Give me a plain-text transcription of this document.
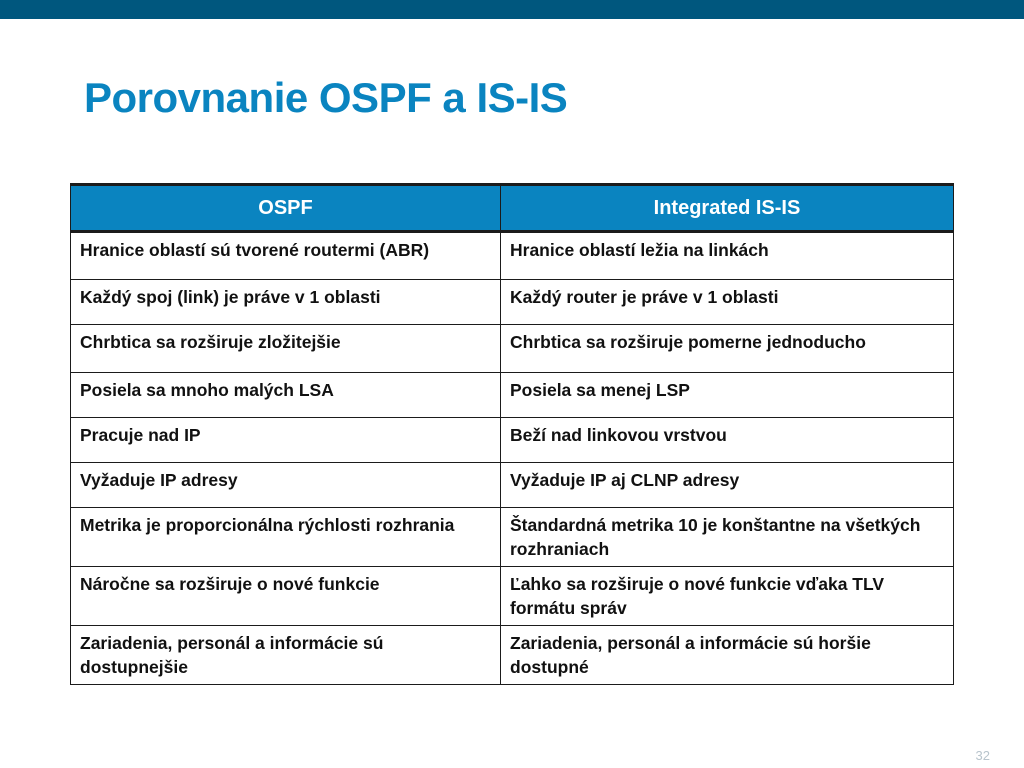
Porovnanie OSPF a IS-IS
OSPF	Integrated IS-IS
Hranice oblastí sú tvorené routermi (ABR)	Hranice oblastí ležia na linkách
Každý spoj (link) je práve v 1 oblasti	Každý router je práve v 1 oblasti
Chrbtica sa rozširuje zložitejšie	Chrbtica sa rozširuje pomerne jednoducho
Posiela sa mnoho malých LSA	Posiela sa menej LSP
Pracuje nad IP	Beží nad linkovou vrstvou
Vyžaduje IP adresy	Vyžaduje IP aj CLNP adresy
Metrika je proporcionálna rýchlosti rozhrania	Štandardná metrika 10 je konštantne na všetkých rozhraniach
Náročne sa rozširuje o nové funkcie	Ľahko sa rozširuje o nové funkcie vďaka TLV formátu správ
Zariadenia, personál a informácie sú dostupnejšie	Zariadenia, personál a informácie sú horšie dostupné
32
